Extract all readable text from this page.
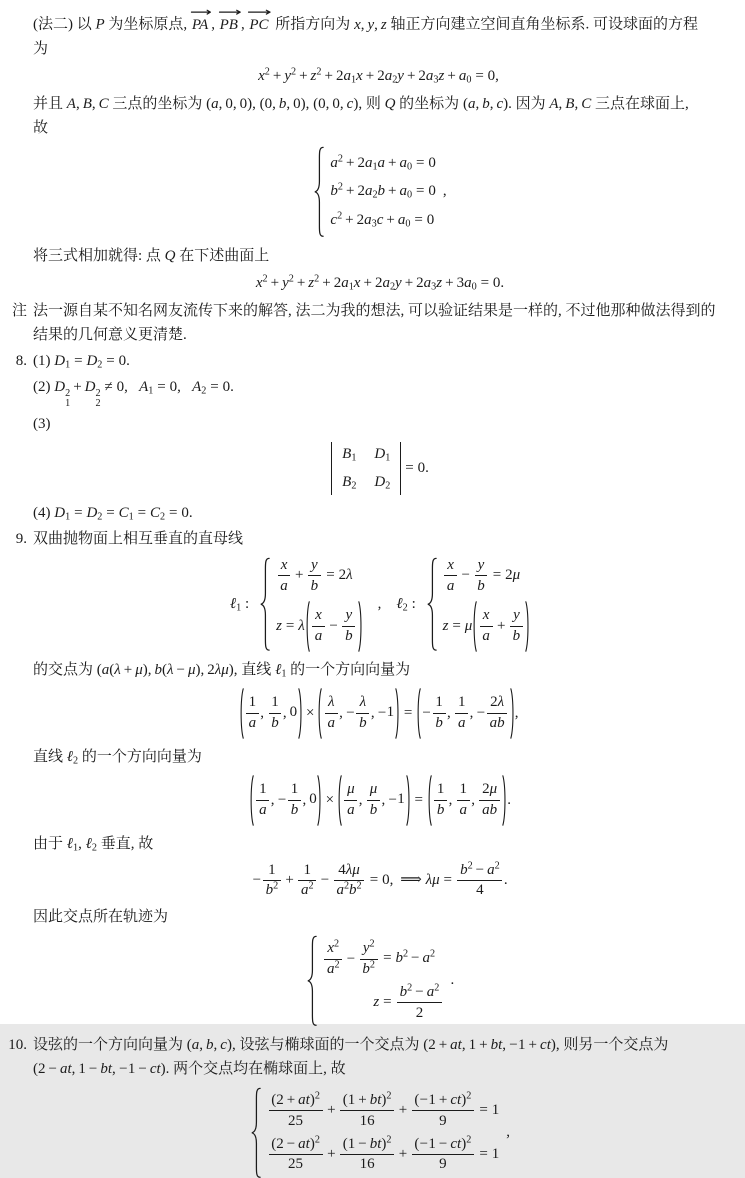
(法二) 以 P 为坐标原点,
PA ,
PB ,
PC 所指方向为 x, y, z 轴正方向建立空间直角坐标系. 可设球面的方程
为
$x^2 + y^2 + z^2 + 2a1x + 2a2y + 2a3z + a0 = 0$,
并且 A, B, C 三点的坐标为 (a, 0, 0), (0, b, 0), (0, 0, c), 则 Q 的坐标为 (a, b, c). 因为 A, B, C 三点在球面上,
故
$a^2 + 2a1a + a0 = 0$
$b^2 + 2a2b + a0 = 0$
$c^2 + 2a3c + a0 = 0$
,
将三式相加就得: 点 Q 在下述曲面上
$x^2 + y^2 + z^2 + 2a1x + 2a2y + 2a3z + 3a0 = 0$.
注 法一源自某不知名网友流传下来的解答, 法二为我的想法, 可以验证结果是一样的, 不过他那种做法得到的
结果的几何意义更清楚.
8. (1) D1 = D2 = 0.
(2) D 2
1
+ D 2
2
≠ 0, A1 = 0, A2 = 0.
(3)
B1 D1
B2 D2
= 0.
(4) D1 = D2 = C1 = C2 = 0.
9. 双曲抛物面上相互垂直的直母线
ℓ1 :
$\frac{x}{a} + \frac{y}{b} = 2\lambda$
z = λ $\frac{x}{a} - \frac{y}{b}$
, ℓ2 :
$\frac{x}{a} - \frac{y}{b} = 2\mu$
z = μ $\frac{x}{a} + \frac{y}{b}$
的交点为 (a(λ + μ), b(λ − μ), 2λμ), 直线 ℓ1 的一个方向向量为
$\frac{1}{a}$ , $\frac{1}{b}$ , $0 \times \frac{\lambda}{a}$ , − $\frac{\lambda}{b}$ , −1 = − $\frac{1}{b}$ , $\frac{1}{a}$ , − $\frac{2\lambda}{ab}$ ,
直线 ℓ2 的一个方向向量为
$\frac{1}{a}$ , − $\frac{1}{b}$ , $0 \times \frac{\mu}{a}$ , $\frac{\mu}{b}$ , $-1 = \frac{1}{b}$ , $\frac{1}{a}$ , $\frac{2\mu}{ab}$ .
由于 ℓ1, ℓ2 垂直, 故
− $\frac{1}{b^2} + \frac{1}{a^2} - \frac{4\lambda\mu}{a^2b^2} = 0$, ⟹ $\lambda\mu = \frac{b^2 - a^2}{4}$ .
因此交点所在轨迹为
$\frac{x^2}{a^2} - \frac{y^2}{b^2} = b^2 - a^2$
$z = \frac{b^2 - a^2}{2}$
.
10. 设弦的一个方向向量为 (a, b, c), 设弦与椭球面的一个交点为 (2 + at, 1 + bt, −1 + ct), 则另一个交点为
(2 − at, 1 − bt, −1 − ct). 两个交点均在椭球面上, 故
$\frac{(2 + at)^2}{25} + \frac{(1 + bt)^2}{16} + \frac{(-1 + ct)^2}{9} = 1$
$\frac{(2 - at)^2}{25} + \frac{(1 - bt)^2}{16} + \frac{(-1 - ct)^2}{9} = 1$
,
